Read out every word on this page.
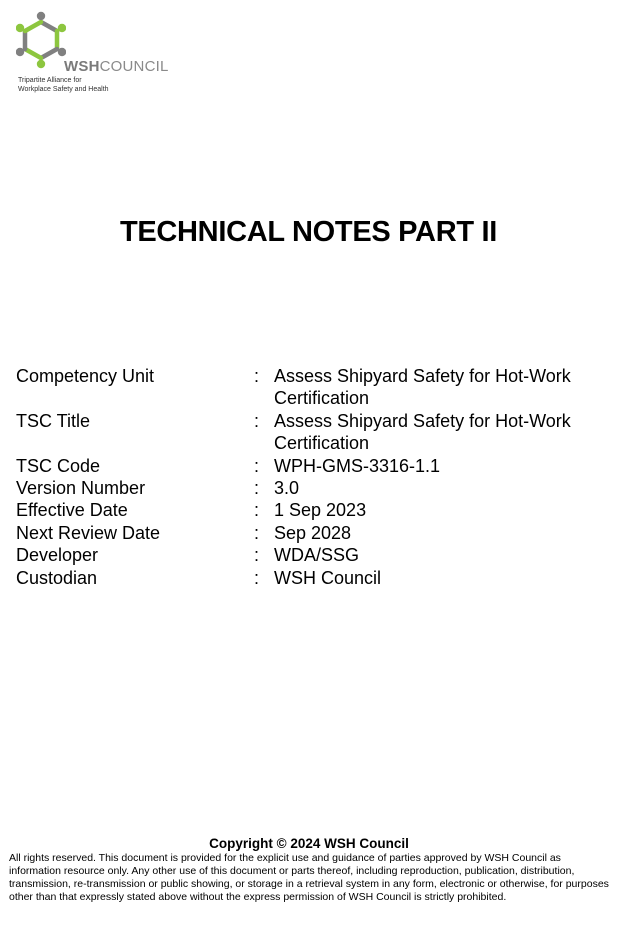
WSHCOUNCIL
Tripartite Alliance for
Workplace Safety and Health
TECHNICAL NOTES PART II
Competency Unit	: Assess Shipyard Safety for Hot-Work Certification
TSC Title	: Assess Shipyard Safety for Hot-Work Certification
TSC Code	: WPH-GMS-3316-1.1
Version Number	: 3.0
Effective Date	: 1 Sep 2023
Next Review Date	: Sep 2028
Developer	: WDA/SSG
Custodian	: WSH Council
Copyright © 2024 WSH Council
All rights reserved. This document is provided for the explicit use and guidance of parties approved by WSH Council as information resource only. Any other use of this document or parts thereof, including reproduction, publication, distribution, transmission, re-transmission or public showing, or storage in a retrieval system in any form, electronic or otherwise, for purposes other than that expressly stated above without the express permission of WSH Council is strictly prohibited.
